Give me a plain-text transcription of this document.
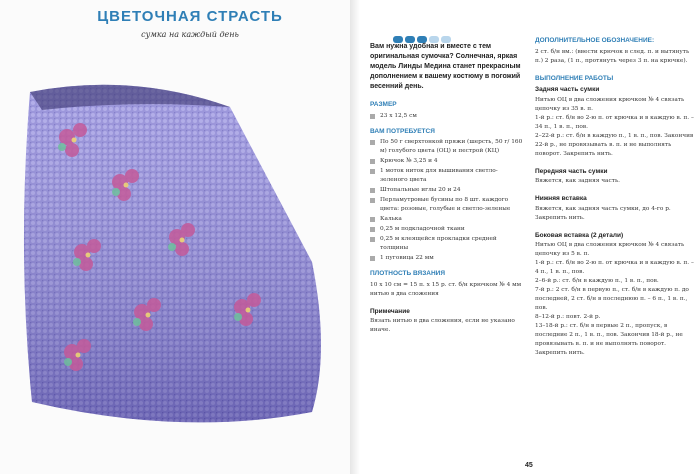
ЦВЕТОЧНАЯ СТРАСТЬ
сумка на каждый день
Вам нужна удобная и вместе с тем оригинальная сумочка? Солнечная, яркая модель Линды Медина станет прекрасным дополнением к вашему костюму в погожий весенний день.
РАЗМЕР
23 х 12,5 см
ВАМ ПОТРЕБУЕТСЯ
По 50 г сверхтонкой пряжи (шерсть, 50 г/ 160 м) голубого цвета (ОЦ) и пестрой (КЦ)
Крючок № 3,25 и 4
1 моток ниток для вышивания светло-зеленого цвета
Штопальные иглы 20 и 24
Перламутровые бусины по 8 шт. каждого цвета: розовые, голубые и светло-зеленые
Калька
0,25 м подкладочной ткани
0,25 м клеящейся прокладки средней толщины
1 пуговица 22 мм
ПЛОТНОСТЬ ВЯЗАНИЯ
10 х 10 см = 15 п. х 15 р. ст. б/н крючком № 4 мм нитью в два сложения
Примечание
Вязать нитью в два сложения, если не указано иначе.
ДОПОЛНИТЕЛЬНОЕ ОБОЗНАЧЕНИЕ:
2 ст. б/н вм.: (ввести крючок в след. п. и вытянуть п.) 2 раза, (1 п., протянуть через 3 п. на крючке).
ВЫПОЛНЕНИЕ РАБОТЫ
Задняя часть сумки
Нитью ОЦ в два сложения крючком № 4 связать цепочку из 35 в. п.
1-й р.: ст. б/н во 2-ю п. от крючка и в каждую в. п. – 34 п., 1 в. п., пов.
2–22-й р.: ст. б/н в каждую п., 1 в. п., пов. Закончив 22-й р., не провязывать в. п. и не выполнять поворот. Закрепить нить.
Передняя часть сумки
Вяжется, как задняя часть.
Нижняя вставка
Вяжется, как задняя часть сумки, до 4-го р. Закрепить нить.
Боковая вставка (2 детали)
Нитью ОЦ в два сложения крючком № 4 связать цепочку из 5 в. п.
1-й р.: ст. б/н во 2-ю п. от крючка и в каждую в. п. – 4 п., 1 в. п., пов.
2–6-й р.: ст. б/н в каждую п., 1 в. п., пов.
7-й р.: 2 ст. б/н в первую п., ст. б/н в каждую п. до последней, 2 ст. б/н в последнюю п. – 6 п., 1 в. п., пов.
8–12-й р.: повт. 2-й р.
13–18-й р.: ст. б/н в первые 2 п., пропуск, в последние 2 п., 1 в. п., пов. Закончив 18-й р., не провязывать в. п. и не выполнять поворот. Закрепить нить.
45
